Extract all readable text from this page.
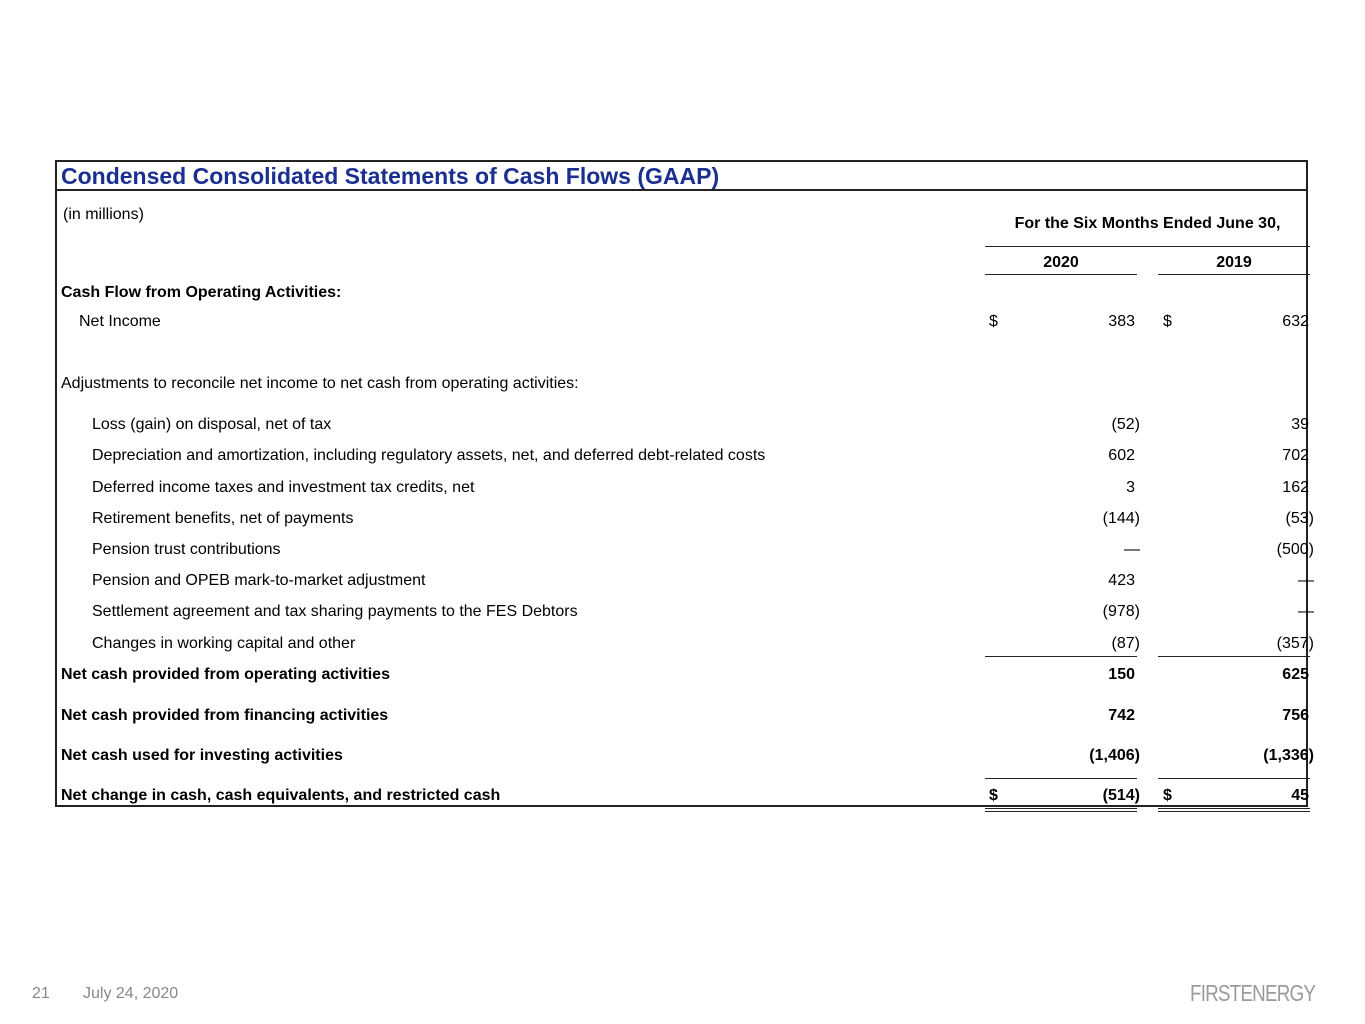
Condensed Consolidated Statements of Cash Flows (GAAP)
(in millions)
For the Six Months Ended June 30,
2020	2019
Cash Flow from Operating Activities:
Net Income	$	383 $	632
Adjustments to reconcile net income to net cash from operating activities:
Loss (gain) on disposal, net of tax	(52)	39
Depreciation and amortization, including regulatory assets, net, and deferred debt-related costs	602	702
Deferred income taxes and investment tax credits, net	3	162
Retirement benefits, net of payments	(144)	(53)
Pension trust contributions	—	(500)
Pension and OPEB mark-to-market adjustment	423	—
Settlement agreement and tax sharing payments to the FES Debtors	(978)	—
Changes in working capital and other	(87)	(357)
Net cash provided from operating activities	150	625
Net cash provided from financing activities	742	756
Net cash used for investing activities	(1,406)	(1,336)
Net change in cash, cash equivalents, and restricted cash	$	(514) $	45
21 July 24, 2020	FIRSTENERGY
